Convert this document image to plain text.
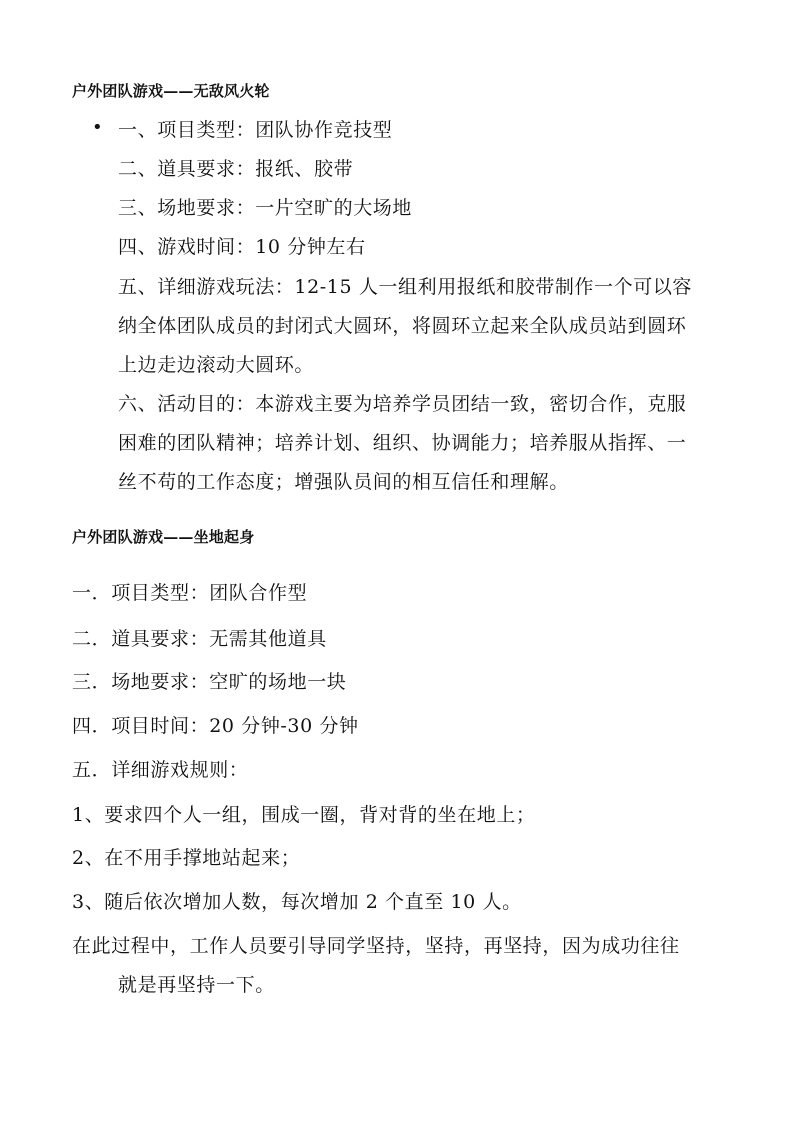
户外团队游戏——无敌风火轮
• 一、项目类型：团队协作竞技型
二、道具要求：报纸、胶带
三、场地要求：一片空旷的大场地
四、游戏时间：10 分钟左右
五、详细游戏玩法：12-15 人一组利用报纸和胶带制作一个可以容
纳全体团队成员的封闭式大圆环，将圆环立起来全队成员站到圆环
上边走边滚动大圆环。
六、活动目的：本游戏主要为培养学员团结一致，密切合作，克服
困难的团队精神；培养计划、组织、协调能力；培养服从指挥、一
丝不苟的工作态度；增强队员间的相互信任和理解。
户外团队游戏——坐地起身
一．项目类型：团队合作型
二．道具要求：无需其他道具
三．场地要求：空旷的场地一块
四．项目时间：20 分钟-30 分钟
五．详细游戏规则：
1、要求四个人一组，围成一圈，背对背的坐在地上；
2、在不用手撑地站起来；
3、随后依次增加人数，每次增加 2 个直至 10 人。
在此过程中，工作人员要引导同学坚持，坚持，再坚持，因为成功往往
就是再坚持一下。
